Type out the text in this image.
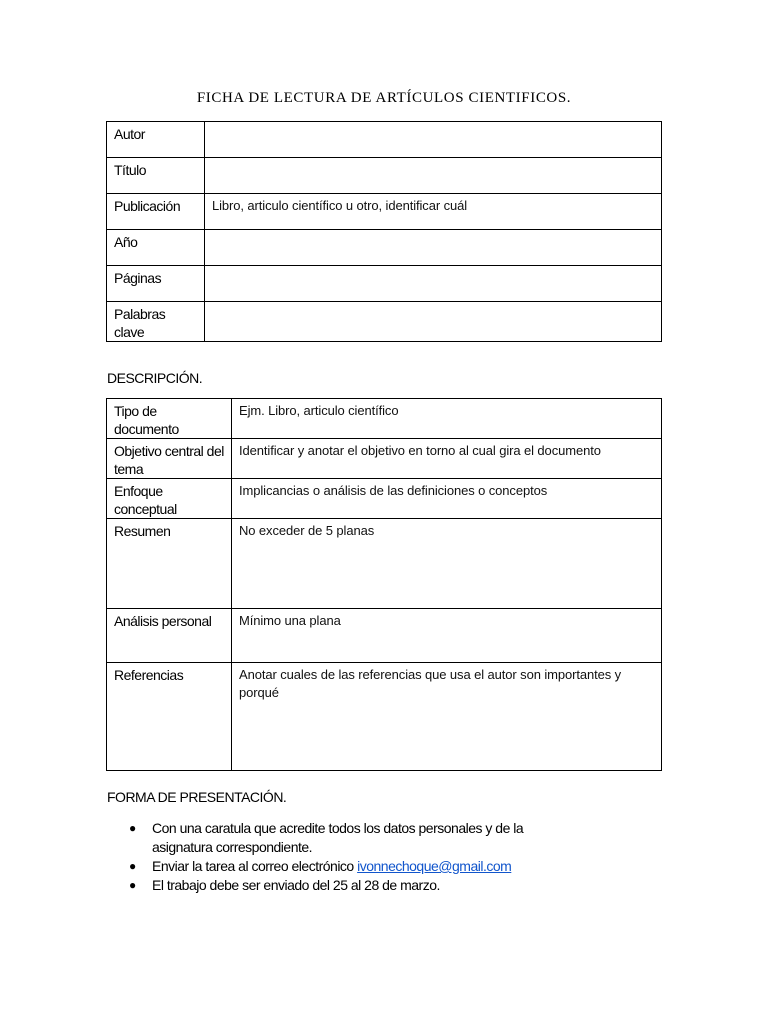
FICHA DE LECTURA DE ARTÍCULOS CIENTIFICOS.
Autor	
Título	
Publicación	Libro, articulo científico u otro, identificar cuál
Año	
Páginas	
Palabras clave	
DESCRIPCIÓN.
Tipo de documento	Ejm. Libro, articulo científico
Objetivo central del tema	Identificar y anotar el objetivo en torno al cual gira el documento
Enfoque conceptual	Implicancias o análisis de las definiciones o conceptos
Resumen	No exceder de 5 planas
Análisis personal	Mínimo una plana
Referencias	Anotar cuales de las referencias que usa el autor son importantes y porqué
FORMA DE PRESENTACIÓN.
● Con una caratula que acredite todos los datos personales y de la asignatura correspondiente.
● Enviar la tarea al correo electrónico ivonnechoque@gmail.com
● El trabajo debe ser enviado del 25 al 28 de marzo.
